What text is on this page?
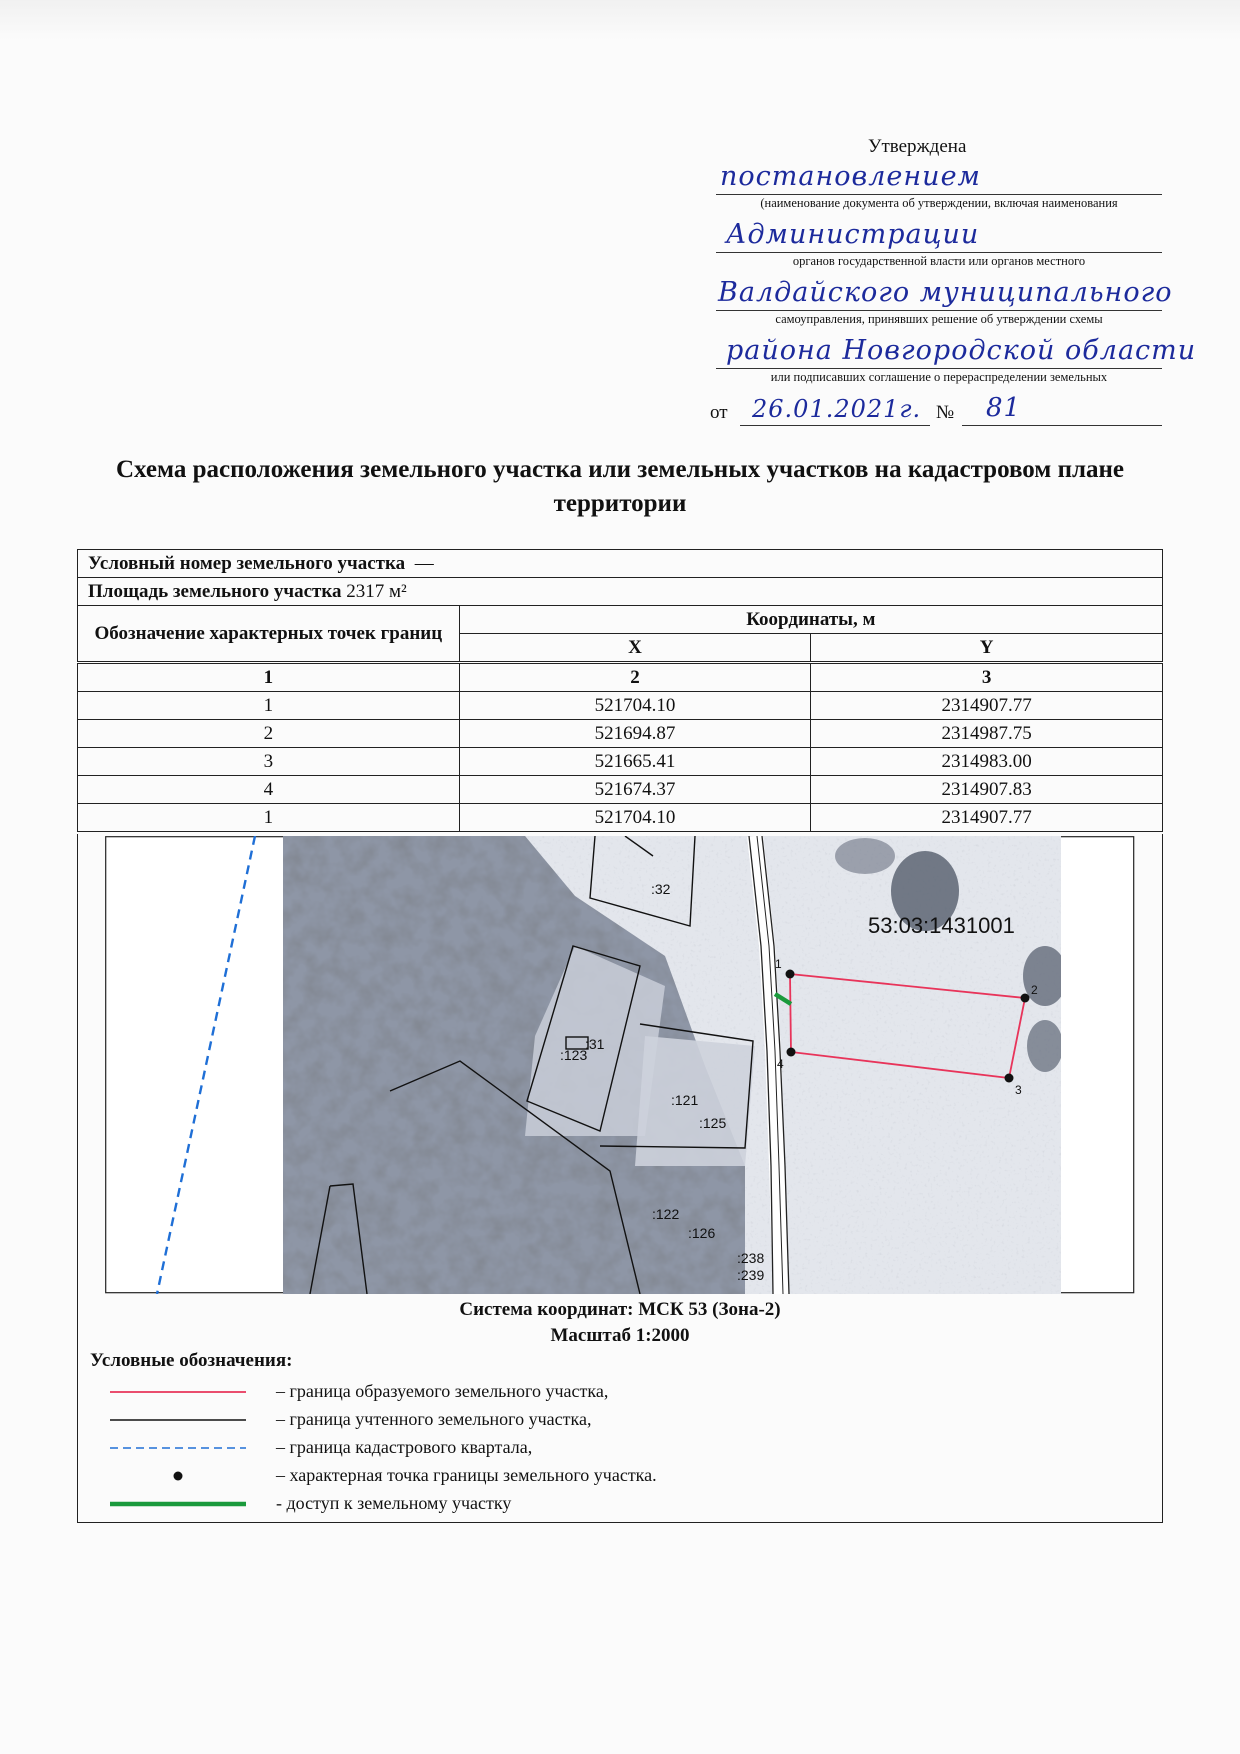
Утверждена
постановлением
(наименование документа об утверждении, включая наименования
Администрации
органов государственной власти или органов местного
Валдайского муниципального
самоуправления, принявших решение об утверждении схемы
района Новгородской области
или подписавших соглашение о перераспределении земельных
от 26.01.2021г. № 81
Схема расположения земельного участка или земельных участков на кадастровом плане территории
Условный номер земельного участка —		
Площадь земельного участка 2317 м²		
Обозначение характерных точек границ	Координаты, м	
	X	Y
1	2	3
1	521704.10	2314907.77
2	521694.87	2314987.75
3	521665.41	2314983.00
4	521674.37	2314907.83
1	521704.10	2314907.77
53:03:1431001
:32
:123
:31
:121
:125
:122
:126
:238
:239
1
2
3
4
Система координат: МСК 53 (Зона-2)
Масштаб 1:2000
Условные обозначения:
– граница образуемого земельного участка,
– граница учтенного земельного участка,
– граница кадастрового квартала,
– характерная точка границы земельного участка.
- доступ к земельному участку
